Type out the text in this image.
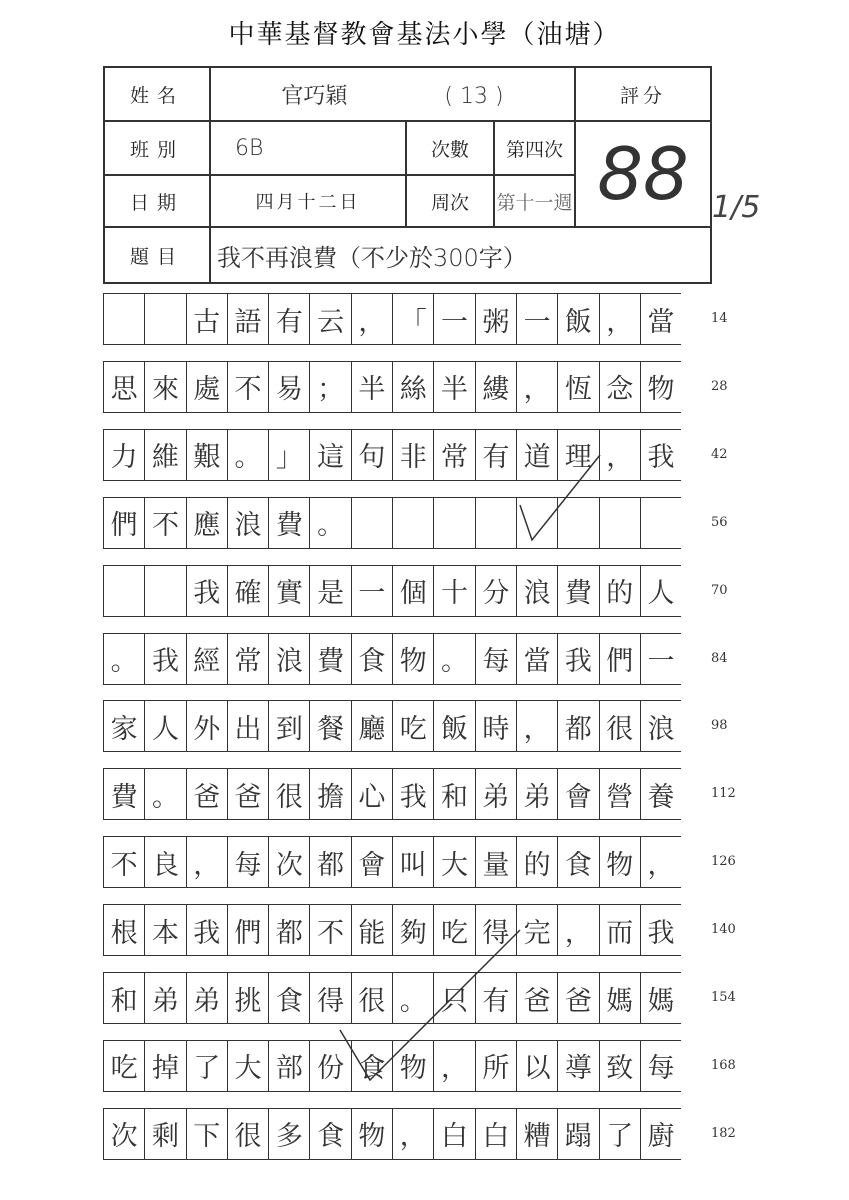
中華基督教會基法小學（油塘）
姓名	官巧穎 ( 13 )			評分
班別	6B	次數	第四次	88
日期	四月十二日	周次	第十一週	
題目	我不再浪費（不少於300字）			
1/5
古 語 有 云 ， 「 一 粥 一 飯 ， 當	14
思 來 處 不 易 ； 半 絲 半 縷 ， 恆 念 物	28
力 維 艱 。 」 這 句 非 常 有 道 理 ， 我	42
們 不 應 浪 費 。	56
我 確 實 是 一 個 十 分 浪 費 的 人	70
。 我 經 常 浪 費 食 物 。 每 當 我 們 一	84
家 人 外 出 到 餐 廳 吃 飯 時 ， 都 很 浪	98
費 。 爸 爸 很 擔 心 我 和 弟 弟 會 營 養	112
不 良 ， 每 次 都 會 叫 大 量 的 食 物 ，	126
根 本 我 們 都 不 能 夠 吃 得 完 ， 而 我	140
和 弟 弟 挑 食 得 很 。 只 有 爸 爸 媽 媽	154
吃 掉 了 大 部 份 食 物 ， 所 以 導 致 每	168
次 剩 下 很 多 食 物 ， 白 白 糟 蹋 了 廚	182
